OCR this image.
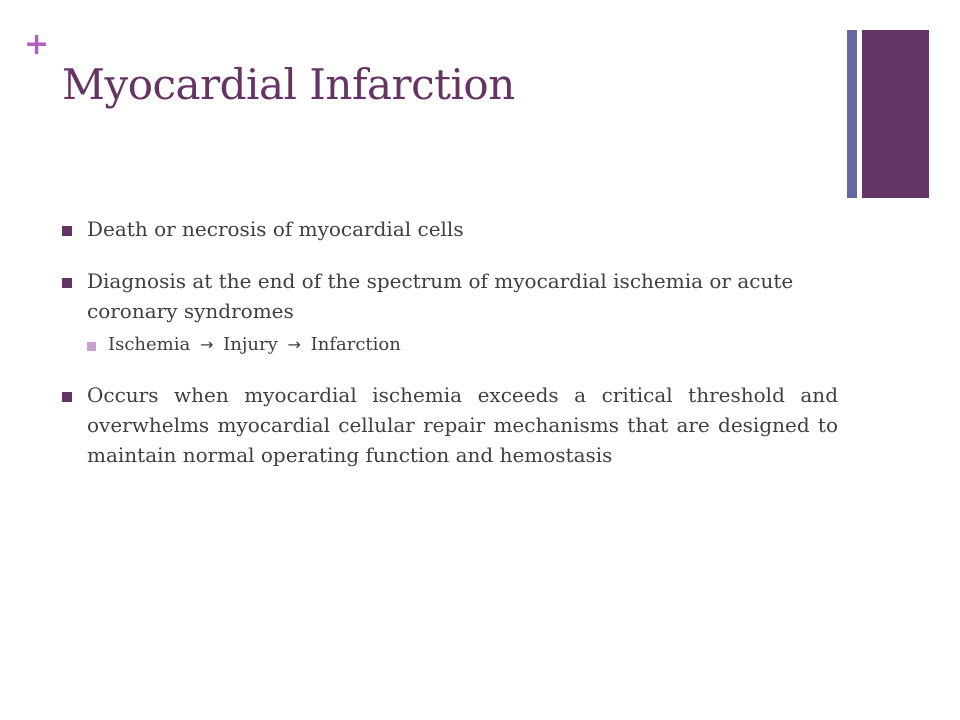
+
Myocardial Infarction
Death or necrosis of myocardial cells
Diagnosis at the end of the spectrum of myocardial ischemia or acute coronary syndromes
Ischemia → Injury → Infarction
Occurs when myocardial ischemia exceeds a critical threshold and overwhelms myocardial cellular repair mechanisms that are designed to maintain normal operating function and hemostasis
